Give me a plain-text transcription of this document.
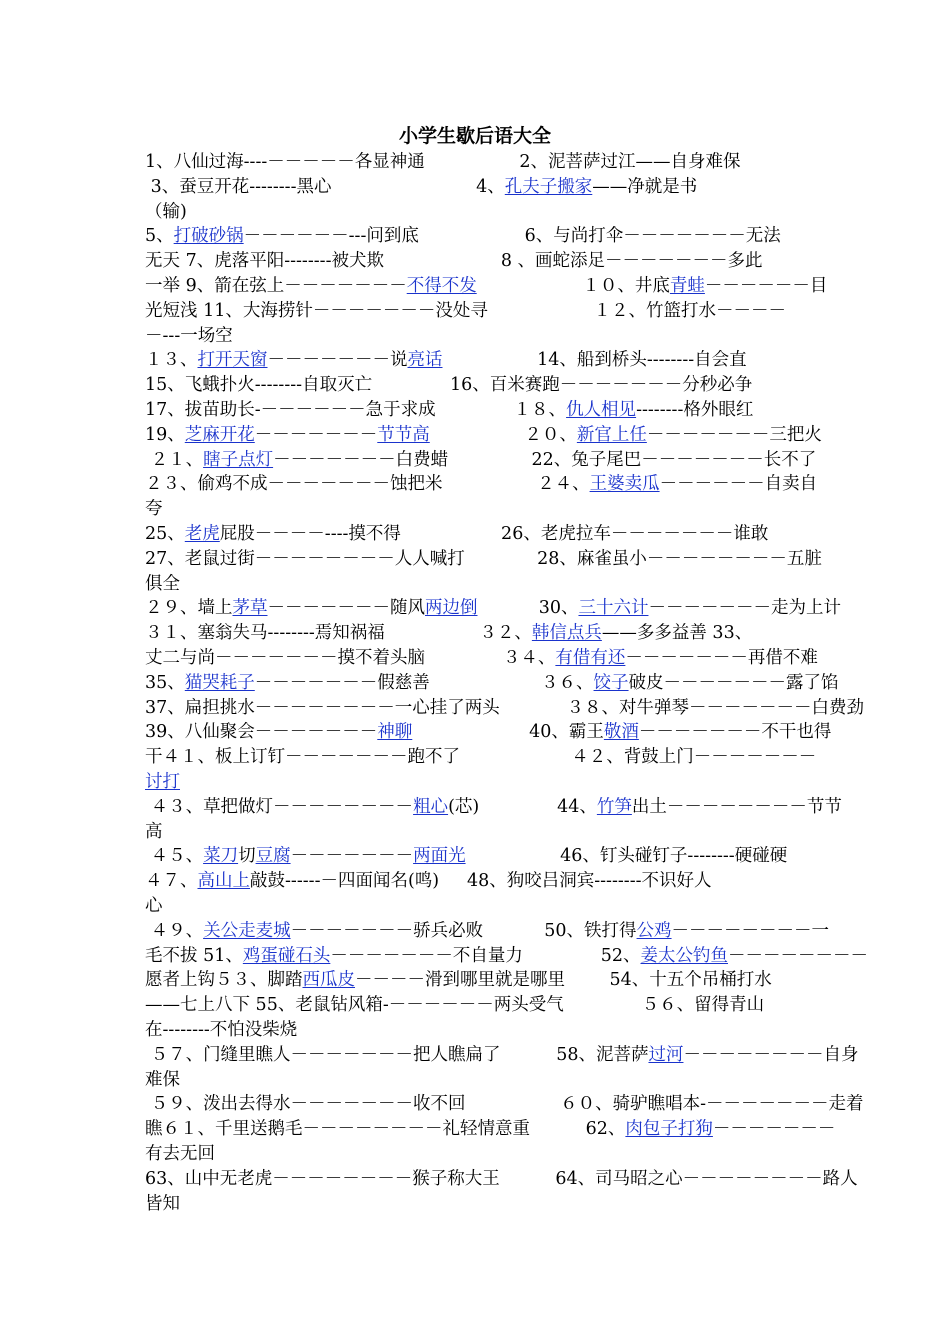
小学生歇后语大全
1、八仙过海----－－－－－各显神通                 2、泥菩萨过江——自身难保
3、蚕豆开花--------黑心                          4、孔夫子搬家——净就是书
（输)
5、打破砂锅－－－－－－---问到底                   6、与尚打伞－－－－－－－无法
无天 7、虎落平阳--------被犬欺                     8 、画蛇添足－－－－－－－多此
一举 9、箭在弦上－－－－－－－不得不发                   １０、井底青蛙－－－－－－目
光短浅 11、大海捞针－－－－－－－没处寻                   １２、竹篮打水－－－－
－---一场空
１３、打开天窗－－－－－－－说亮话                 14、船到桥头--------自会直
15、飞蛾扑火--------自取灭亡              16、百米赛跑－－－－－－－分秒必争
17、拔苗助长-－－－－－－急于求成              １８、仇人相见--------格外眼红
19、芝麻开花－－－－－－－节节高                 ２０、新官上任－－－－－－－三把火
２１、瞎子点灯－－－－－－－白费蜡               22、兔子尾巴－－－－－－－长不了
２３、偷鸡不成－－－－－－－蚀把米                 ２４、王婆卖瓜－－－－－－自卖自
夸
25、老虎屁股－－－－----摸不得                  26、老虎拉车－－－－－－－谁敢
27、老鼠过街－－－－－－－－人人喊打             28、麻雀虽小－－－－－－－－五脏
俱全
２９、墙上茅草－－－－－－－随风两边倒           30、三十六计－－－－－－－走为上计
３１、塞翁失马--------焉知祸福                 ３２、韩信点兵——多多益善 33、
丈二与尚－－－－－－－摸不着头脑              ３４、有借有还－－－－－－－再借不难
35、猫哭耗子－－－－－－－假慈善                    ３６、饺子破皮－－－－－－－露了馅
37、扁担挑水－－－－－－－－一心挂了两头            ３８、对牛弹琴－－－－－－－白费劲
39、八仙聚会－－－－－－－神聊                     40、霸王敬酒－－－－－－－不干也得
干４１、板上订钉－－－－－－－跑不了                    ４２、背鼓上门－－－－－－－
讨打
４３、草把做灯－－－－－－－－粗心(芯)              44、竹笋出土－－－－－－－－节节
高
４５、菜刀切豆腐－－－－－－－两面光                 46、钉头碰钉子--------硬碰硬
４７、高山上敲鼓------－四面闻名(鸣)     48、狗咬吕洞宾--------不识好人
心
４９、关公走麦城－－－－－－－骄兵必败           50、铁打得公鸡－－－－－－－－一
毛不拔 51、鸡蛋碰石头－－－－－－－不自量力              52、姜太公钓鱼－－－－－－－－
愿者上钩５３、脚踏西瓜皮－－－－滑到哪里就是哪里        54、十五个吊桶打水
——七上八下 55、老鼠钻风箱-－－－－－－两头受气              ５６、留得青山
在--------不怕没柴烧
５７、门缝里瞧人－－－－－－－把人瞧扁了          58、泥菩萨过河－－－－－－－－自身
难保
５９、泼出去得水－－－－－－－收不回                 ６０、骑驴瞧唱本-－－－－－－－走着
瞧６１、千里送鹅毛－－－－－－－－礼轻情意重          62、肉包子打狗－－－－－－－
有去无回
63、山中无老虎－－－－－－－－猴子称大王          64、司马昭之心－－－－－－－－路人
皆知
